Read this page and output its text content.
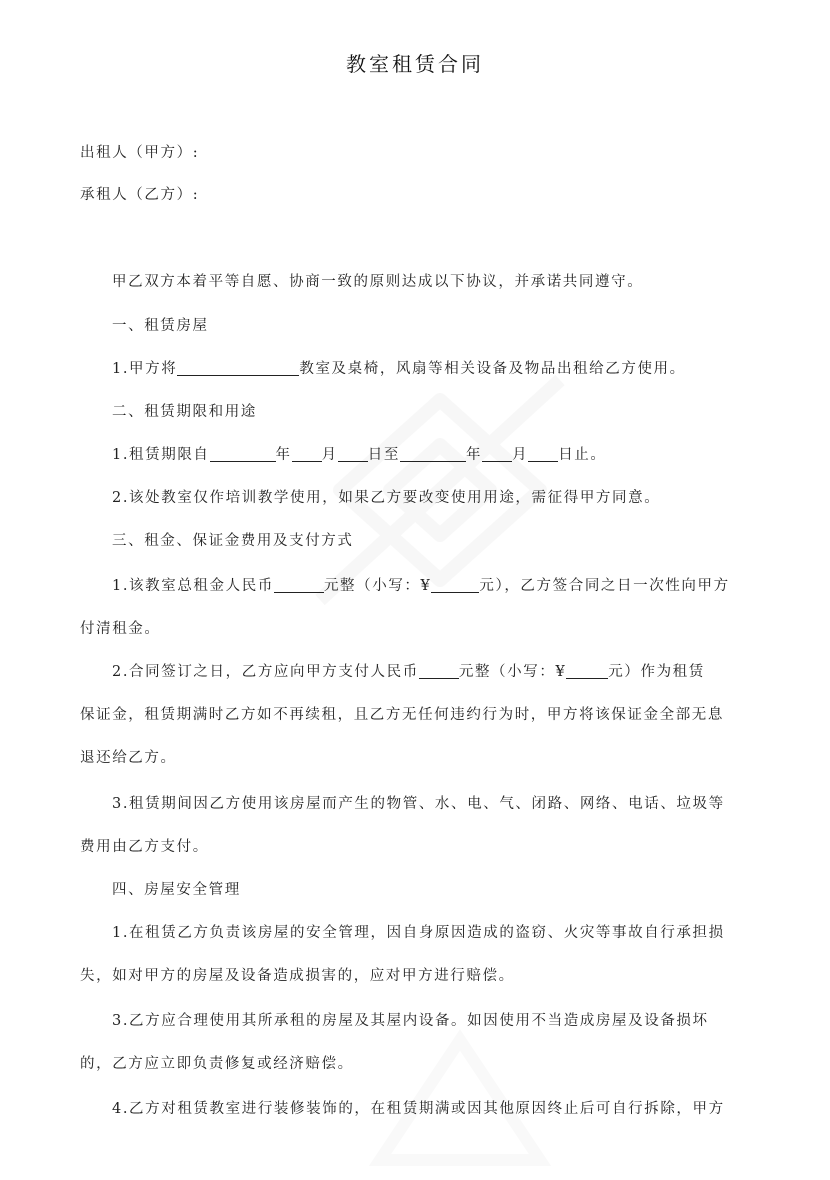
教室租赁合同
出租人（甲方）:
承租人（乙方）:
甲乙双方本着平等自愿、协商一致的原则达成以下协议，并承诺共同遵守。
一、租赁房屋
1.甲方将	教室及桌椅，风扇等相关设备及物品出租给乙方使用。
二、租赁期限和用途
1.租赁期限自	年 月 日至	年 月 日止。
2.该处教室仅作培训教学使用，如果乙方要改变使用用途，需征得甲方同意。
三、租金、保证金费用及支付方式
1.该教室总租金人民币	元整（小写：¥	元），乙方签合同之日一次性向甲方
付清租金。
2.合同签订之日，乙方应向甲方支付人民币	元整（小写：¥	元）作为租赁
保证金，租赁期满时乙方如不再续租，且乙方无任何违约行为时，甲方将该保证金全部无息
退还给乙方。
3.租赁期间因乙方使用该房屋而产生的物管、水、电、气、闭路、网络、电话、垃圾等
费用由乙方支付。
四、房屋安全管理
1.在租赁乙方负责该房屋的安全管理，因自身原因造成的盗窃、火灾等事故自行承担损
失，如对甲方的房屋及设备造成损害的，应对甲方进行赔偿。
3.乙方应合理使用其所承租的房屋及其屋内设备。如因使用不当造成房屋及设备损坏
的，乙方应立即负责修复或经济赔偿。
4.乙方对租赁教室进行装修装饰的，在租赁期满或因其他原因终止后可自行拆除，甲方
